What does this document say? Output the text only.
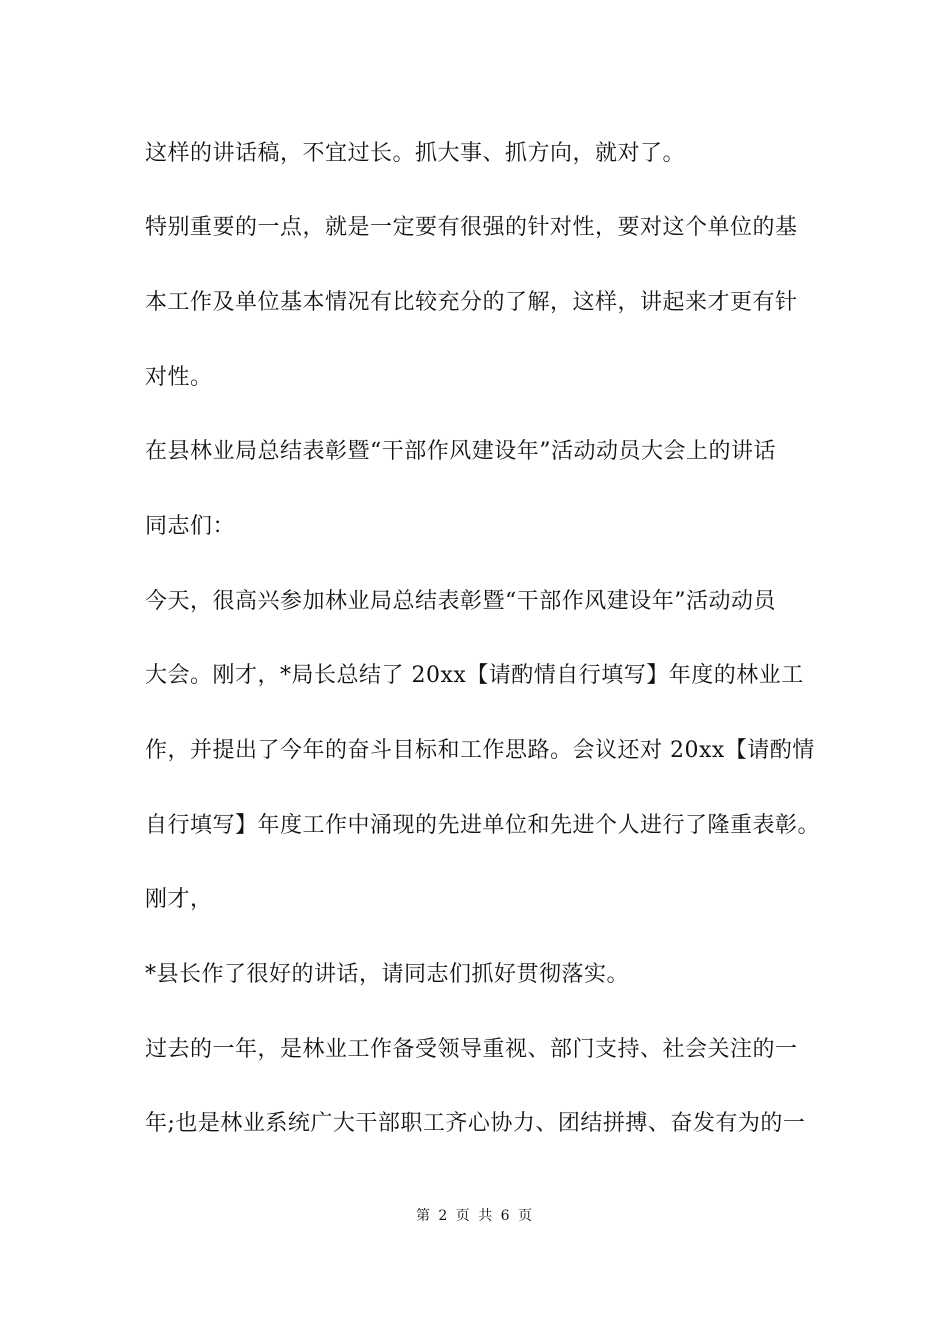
这样的讲话稿，不宜过长。抓大事、抓方向，就对了。
特别重要的一点，就是一定要有很强的针对性，要对这个单位的基
本工作及单位基本情况有比较充分的了解，这样，讲起来才更有针
对性。
在县林业局总结表彰暨“干部作风建设年”活动动员大会上的讲话
同志们：
今天，很高兴参加林业局总结表彰暨“干部作风建设年”活动动员
大会。刚才，*局长总结了 20xx【请酌情自行填写】年度的林业工
作，并提出了今年的奋斗目标和工作思路。会议还对 20xx【请酌情
自行填写】年度工作中涌现的先进单位和先进个人进行了隆重表彰。
刚才，
*县长作了很好的讲话，请同志们抓好贯彻落实。
过去的一年，是林业工作备受领导重视、部门支持、社会关注的一
年;也是林业系统广大干部职工齐心协力、团结拼搏、奋发有为的一
第 2 页 共 6 页
